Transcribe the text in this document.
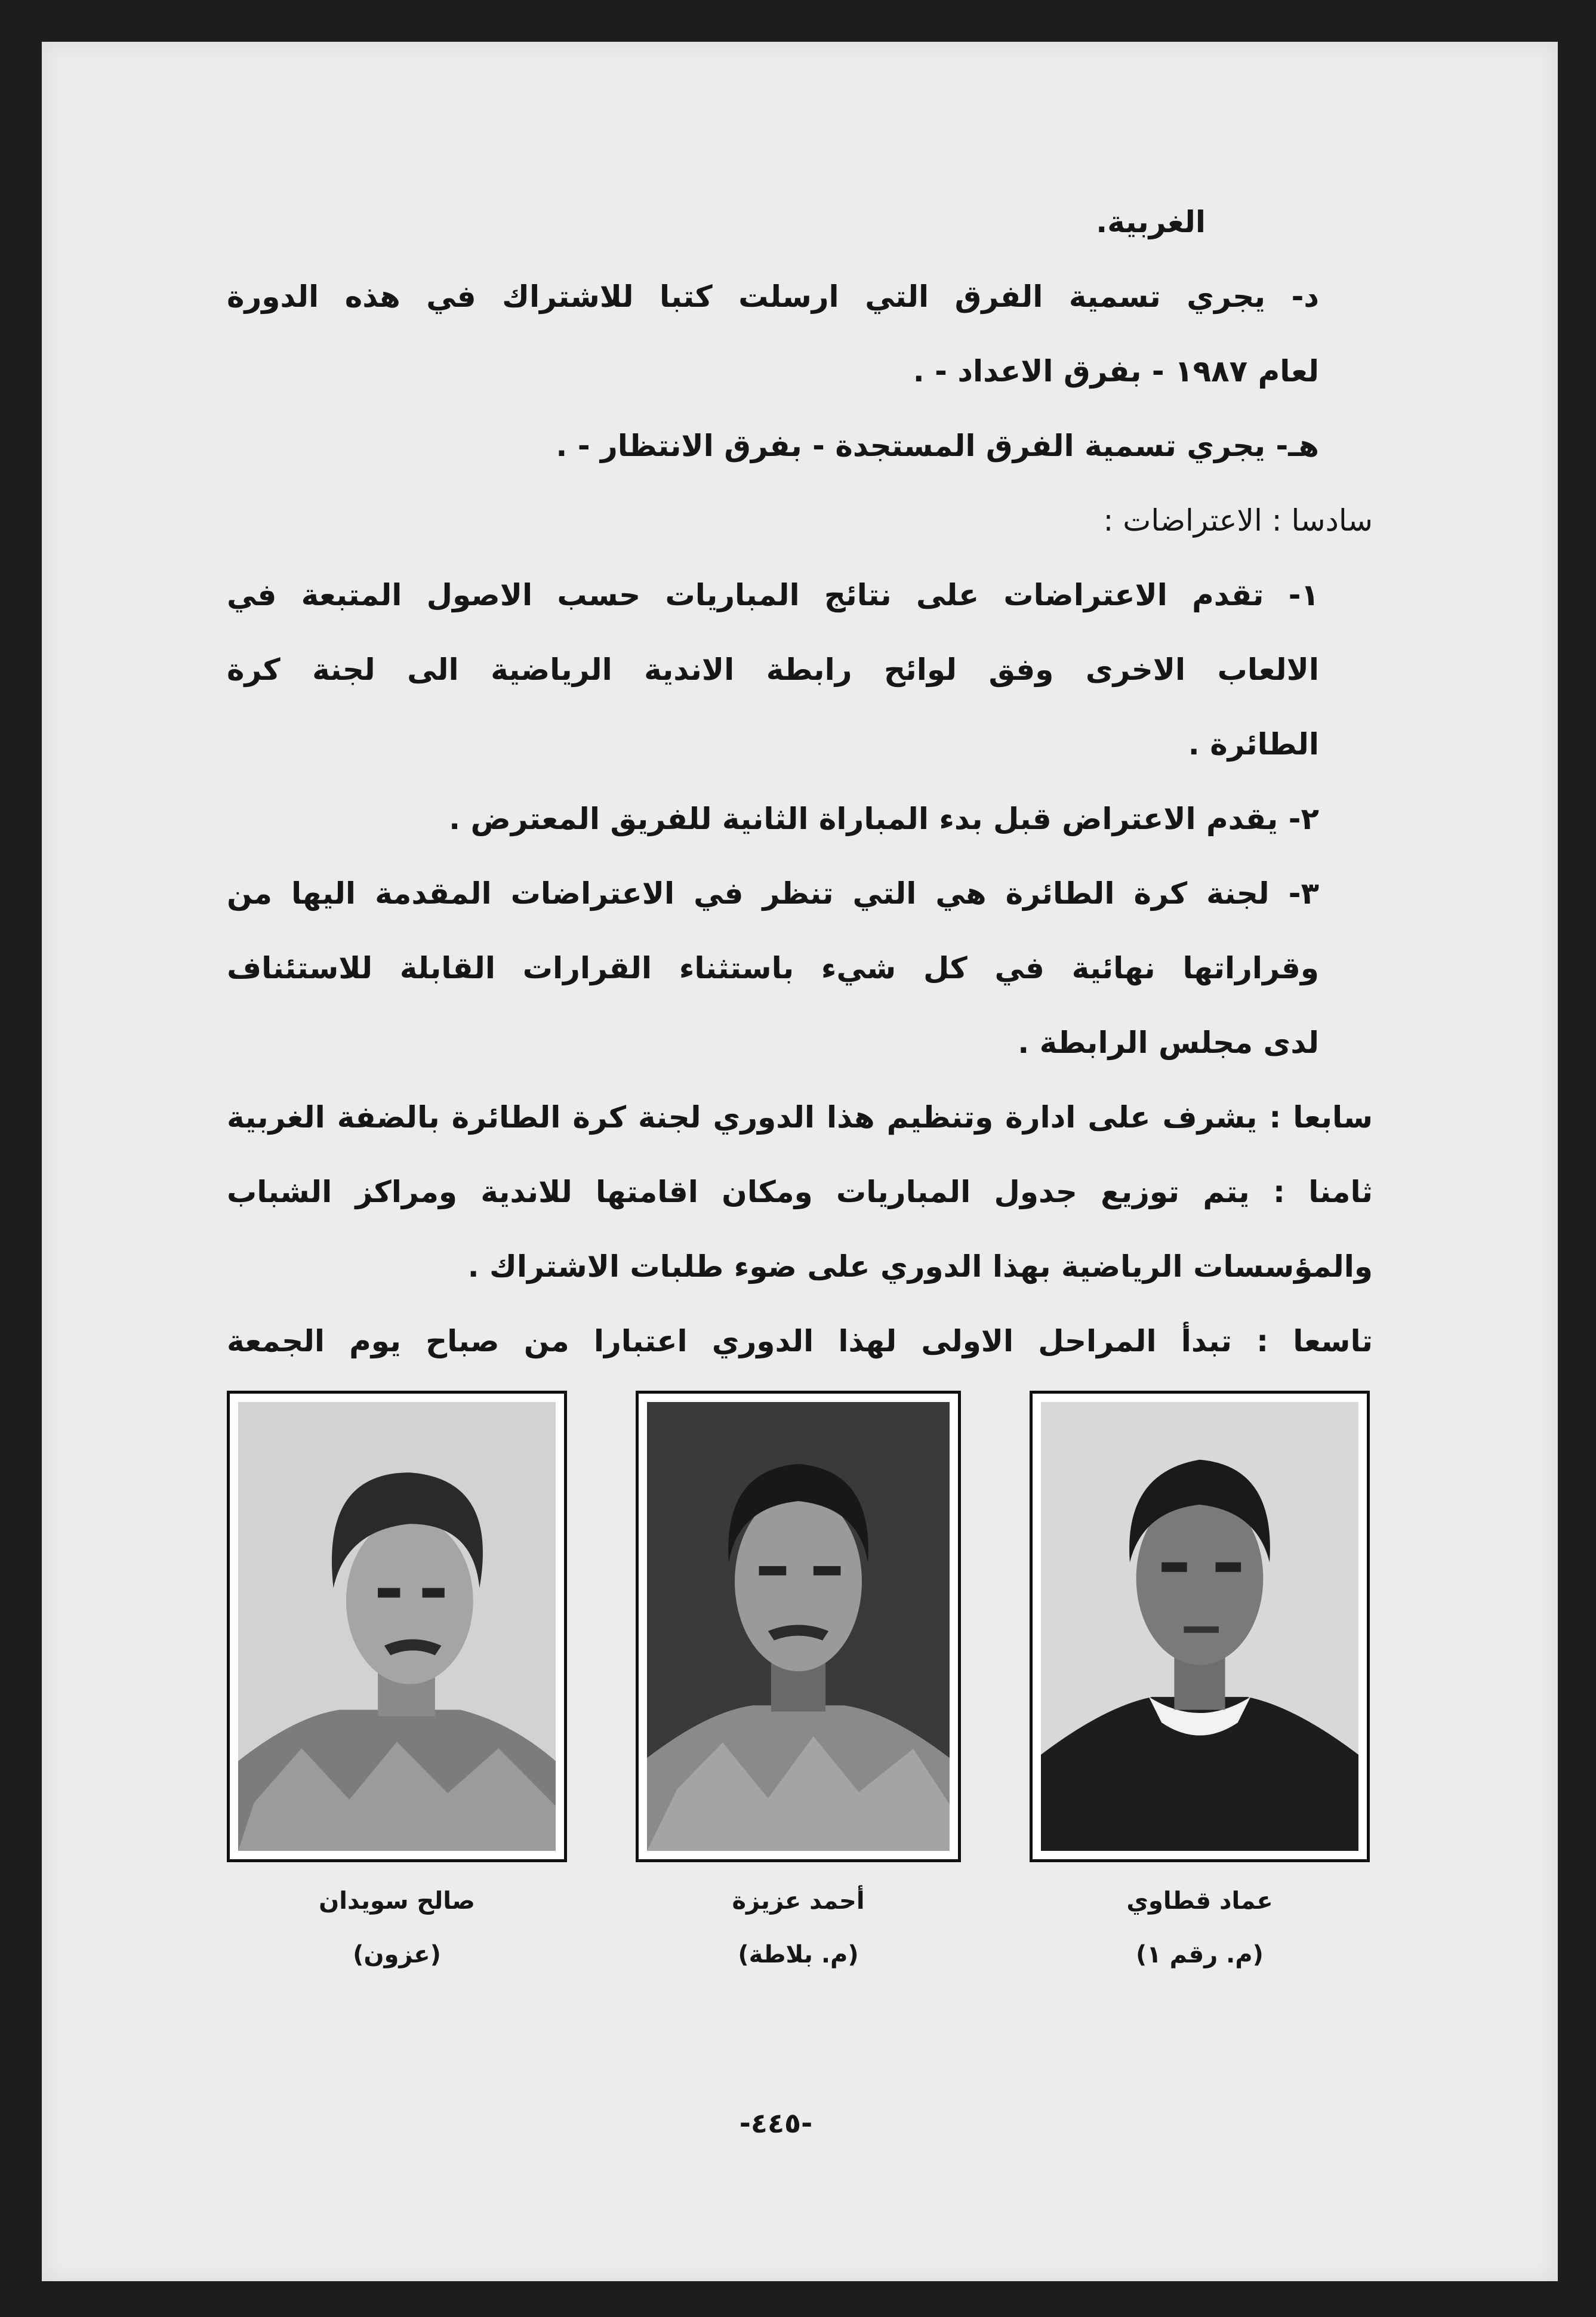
الغربية.
د- يجري تسمية الفرق التي ارسلت كتبا للاشتراك في هذه الدورة
لعام ١٩٨٧ - بفرق الاعداد - .
هـ- يجري تسمية الفرق المستجدة - بفرق الانتظار - .
سادسا : الاعتراضات :
١- تقدم الاعتراضات على نتائج المباريات حسب الاصول المتبعة في
الالعاب الاخرى وفق لوائح رابطة الاندية الرياضية الى لجنة كرة
الطائرة .
٢- يقدم الاعتراض قبل بدء المباراة الثانية للفريق المعترض .
٣- لجنة كرة الطائرة هي التي تنظر في الاعتراضات المقدمة اليها من
وقراراتها نهائية في كل شيء باستثناء القرارات القابلة للاستئناف
لدى مجلس الرابطة .
سابعا : يشرف على ادارة وتنظيم هذا الدوري لجنة كرة الطائرة بالضفة الغربية
ثامنا : يتم توزيع جدول المباريات ومكان اقامتها للاندية ومراكز الشباب
والمؤسسات الرياضية بهذا الدوري على ضوء طلبات الاشتراك .
تاسعا : تبدأ المراحل الاولى لهذا الدوري اعتبارا من صباح يوم الجمعة
عماد قطاوي
(م. رقم ١)
أحمد عزيزة
(م. بلاطة)
صالح سويدان
(عزون)
-٤٤٥-
